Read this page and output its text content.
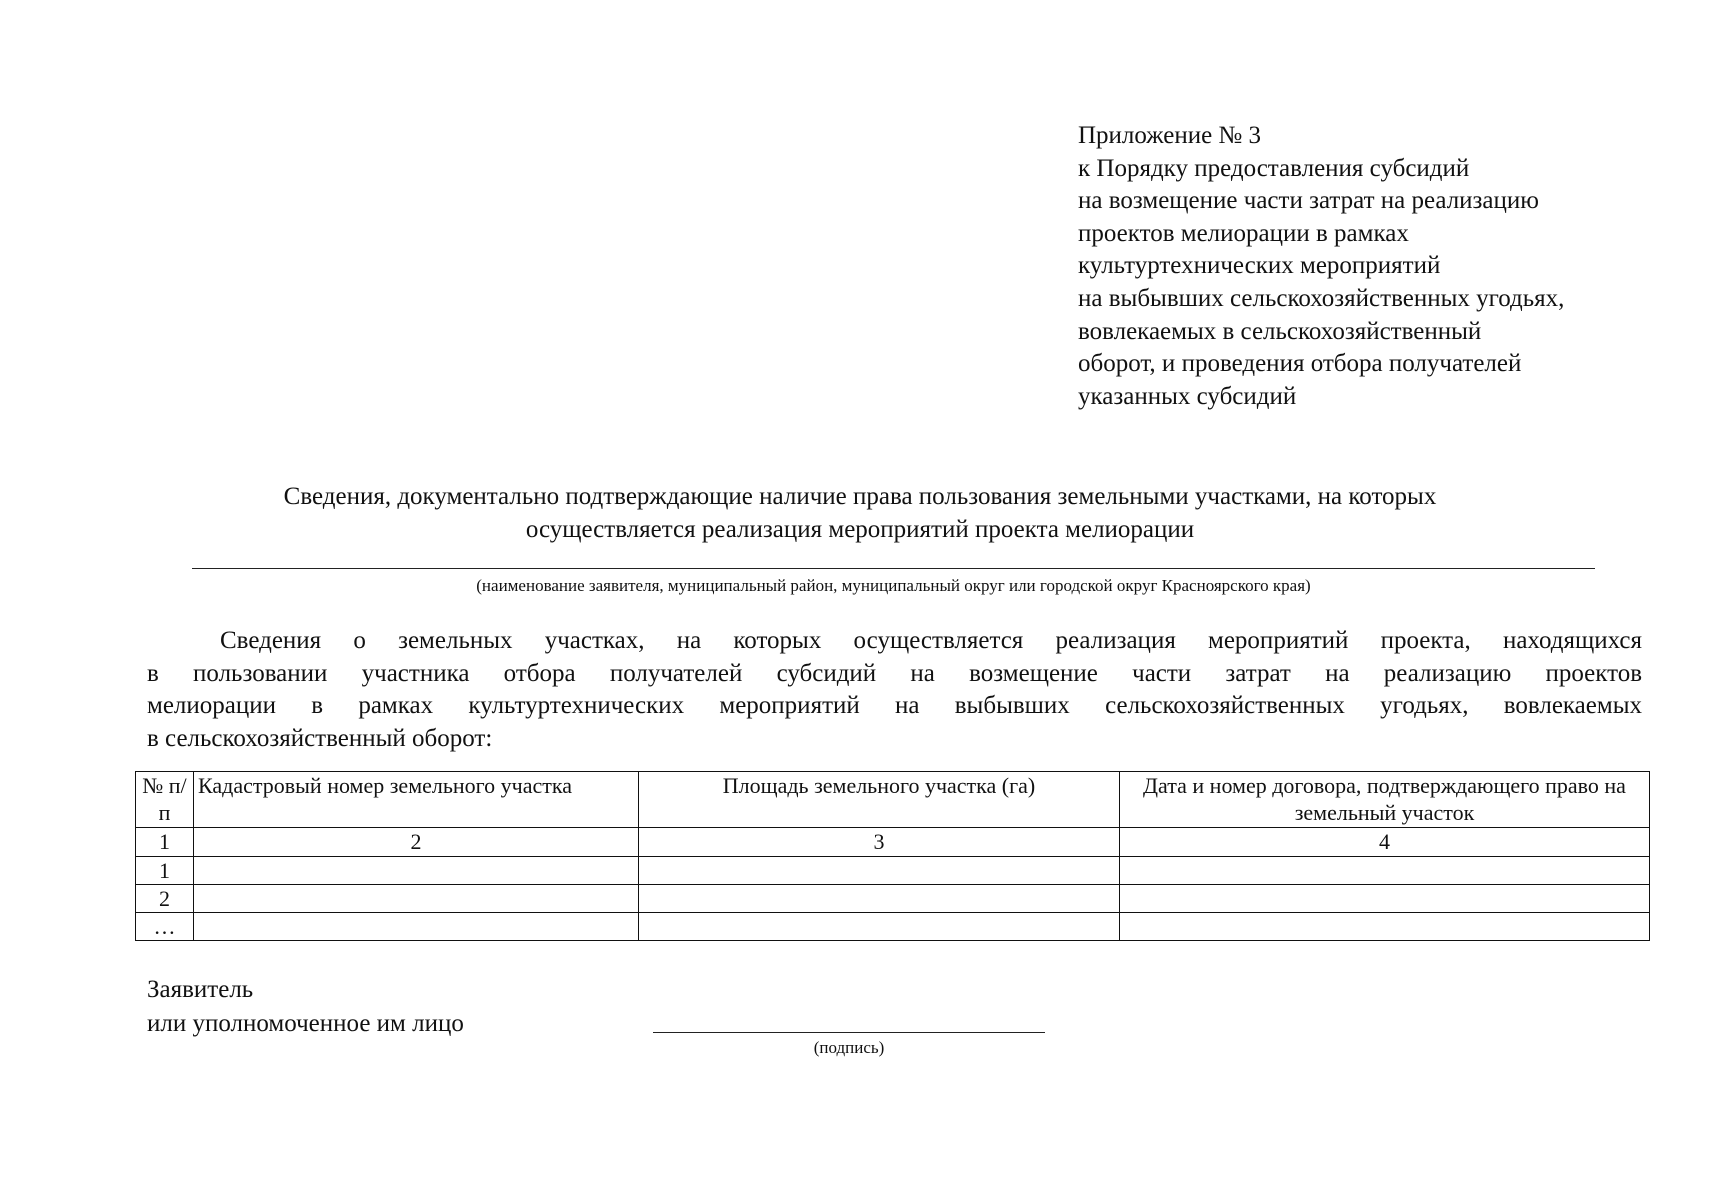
Приложение № 3
к Порядку предоставления субсидий
на возмещение части затрат на реализацию
проектов мелиорации в рамках
культуртехнических мероприятий
на выбывших сельскохозяйственных угодьях,
вовлекаемых в сельскохозяйственный
оборот, и проведения отбора получателей
указанных субсидий
Сведения, документально подтверждающие наличие права пользования земельными участками, на которых
осуществляется реализация мероприятий проекта мелиорации
(наименование заявителя, муниципальный район, муниципальный округ или городской округ Красноярского края)
Сведения о земельных участках, на которых осуществляется реализация мероприятий проекта, находящихся
в пользовании участника отбора получателей субсидий на возмещение части затрат на реализацию проектов
мелиорации в рамках культуртехнических мероприятий на выбывших сельскохозяйственных угодьях, вовлекаемых
в сельскохозяйственный оборот:
№ п/п	Кадастровый номер земельного участка	Площадь земельного участка (га)	Дата и номер договора, подтверждающего право на земельный участок
1	2	3	4
1			
2			
…			
Заявитель
или уполномоченное им лицо
(подпись)
